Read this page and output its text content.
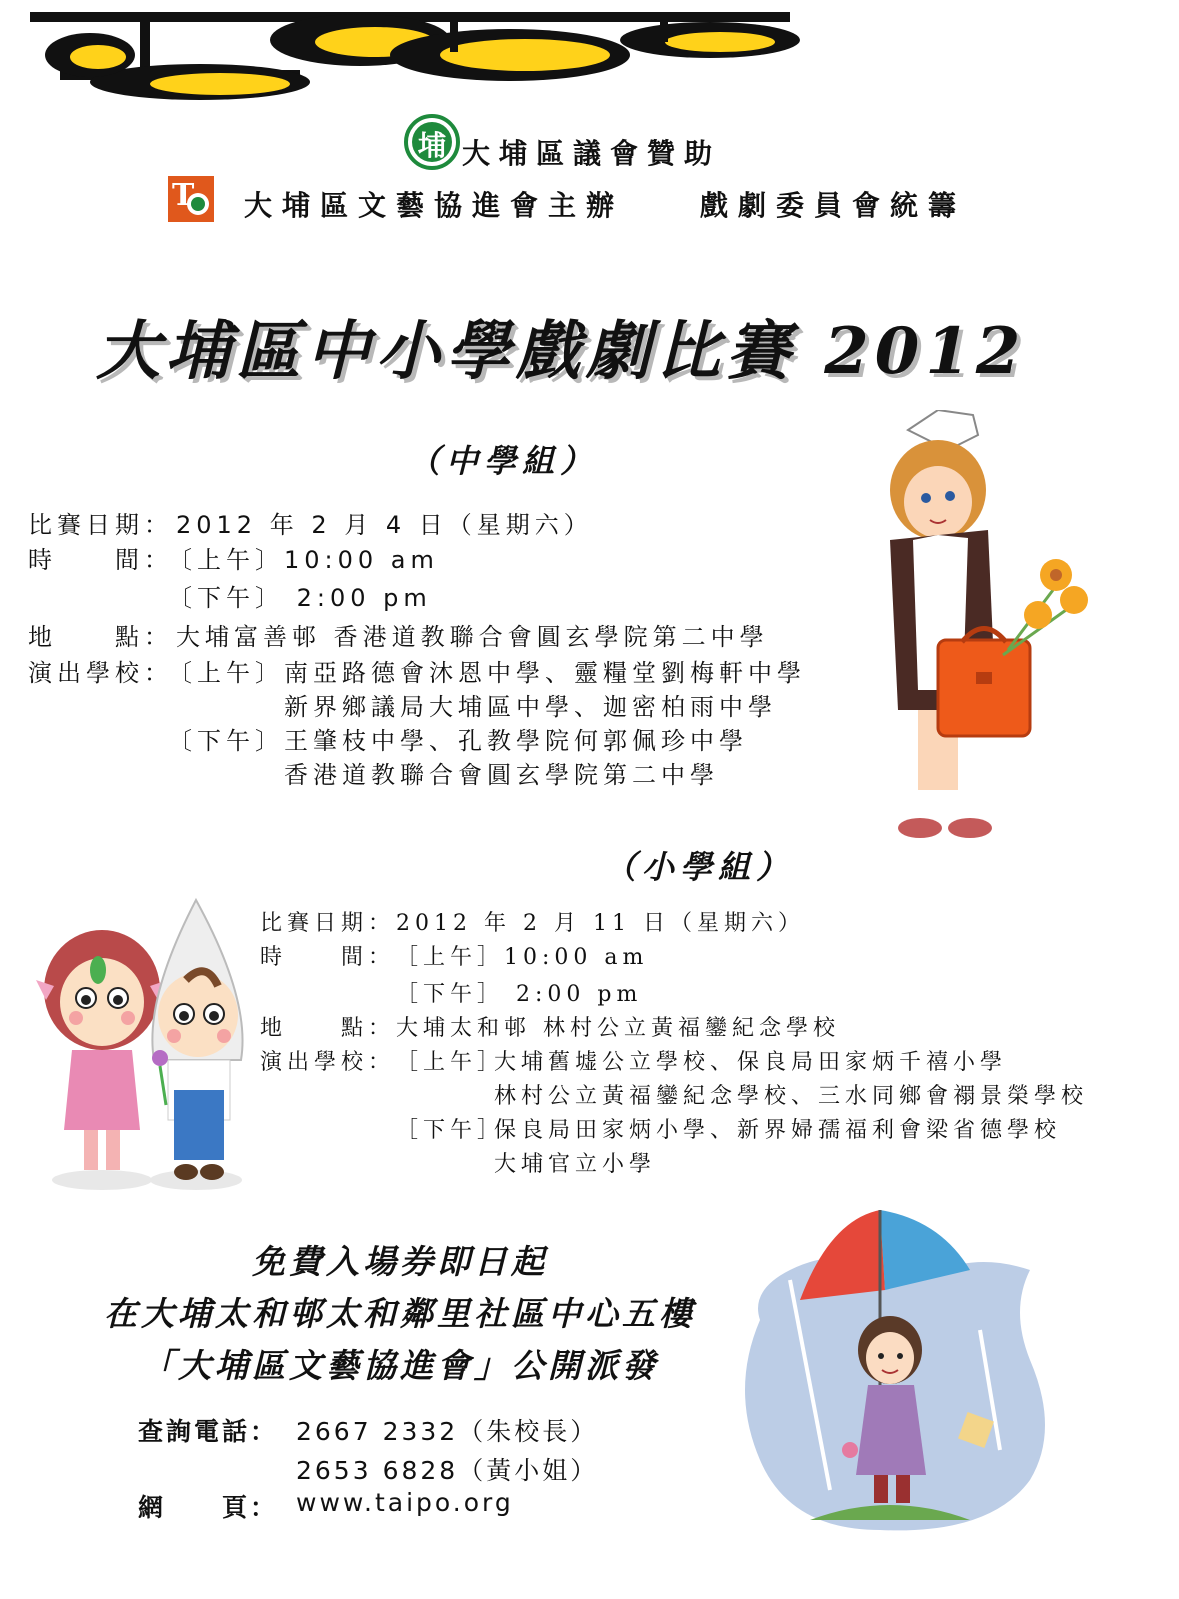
埔 大埔區議會贊助
T 大埔區文藝協進會主辦	戲劇委員會統籌
大埔區中小學戲劇比賽 2012
（中學組）
比賽日期： 2012 年 2 月 4 日（星期六）
時　　間：
〔上午〕10:00 am
〔下午〕 2:00 pm
地　　點： 大埔富善邨 香港道教聯合會圓玄學院第二中學
演出學校：
〔上午〕 南亞路德會沐恩中學、靈糧堂劉梅軒中學
新界鄉議局大埔區中學、迦密柏雨中學
〔下午〕 王肇枝中學、孔教學院何郭佩珍中學
香港道教聯合會圓玄學院第二中學
（小學組）
比賽日期： 2012 年 2 月 11 日（星期六）
時　　間： ［上午］10:00 am
［下午］ 2:00 pm
地　　點： 大埔太和邨 林村公立黃福鑾紀念學校
演出學校： ［上午］
大埔舊墟公立學校、保良局田家炳千禧小學
林村公立黃福鑾紀念學校、三水同鄉會禤景榮學校
［下午］
保良局田家炳小學、新界婦孺福利會梁省德學校
大埔官立小學
免費入場券即日起
在大埔太和邨太和鄰里社區中心五樓
「大埔區文藝協進會」公開派發
查詢電話： 2667 2332（朱校長）
2653 6828（黃小姐）
網　　頁： www.taipo.org
